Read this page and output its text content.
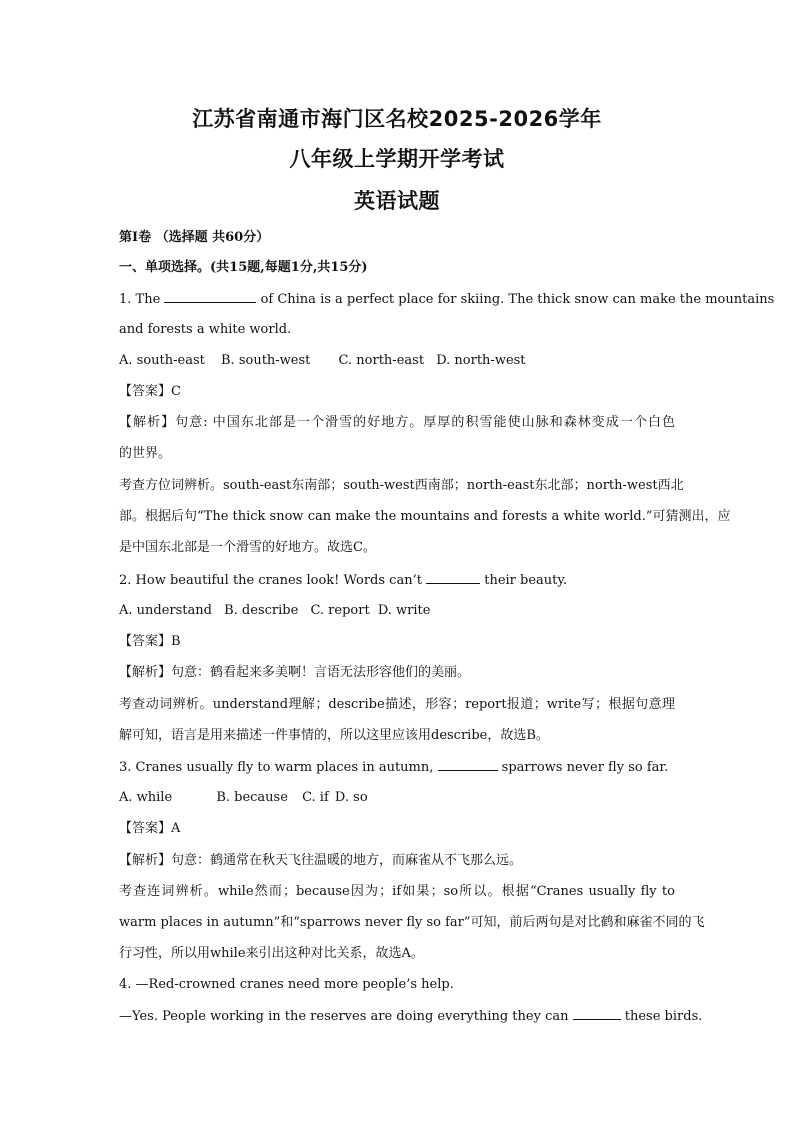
江苏省南通市海门区名校2025-2026学年
八年级上学期开学考试
英语试题
第Ⅰ卷 （选择题 共60分）
一、单项选择。(共15题,每题1分,共15分)
1. The	of China is a perfect place for skiing. The thick snow can make the mountains
and forests a white world.
A. south-east B. south-west C. north-east D. north-west
【答案】C
【解析】句意: 中国东北部是一个滑雪的好地方。厚厚的积雪能使山脉和森林变成一个白色
的世界。
考查方位词辨析。south-east东南部；south-west西南部；north-east东北部；north-west西北
部。根据后句“The thick snow can make the mountains and forests a white world.”可猜测出，应
是中国东北部是一个滑雪的好地方。故选C。
2. How beautiful the cranes look! Words can’t	their beauty.
A. understand B. describe C. report D. write
【答案】B
【解析】句意：鹤看起来多美啊！言语无法形容他们的美丽。
考查动词辨析。understand理解；describe描述，形容；report报道；write写；根据句意理
解可知，语言是用来描述一件事情的，所以这里应该用describe，故选B。
3. Cranes usually fly to warm places in autumn,	sparrows never fly so far.
A. while	B. because C. if D. so
【答案】A
【解析】句意：鹤通常在秋天飞往温暖的地方，而麻雀从不飞那么远。
考查连词辨析。while然而；because因为；if如果；so所以。根据“Cranes usually fly to
warm places in autumn”和“sparrows never fly so far”可知，前后两句是对比鹤和麻雀不同的飞
行习性，所以用while来引出这种对比关系，故选A。
4. —Red-crowned cranes need more people’s help.
—Yes. People working in the reserves are doing everything they can	these birds.
